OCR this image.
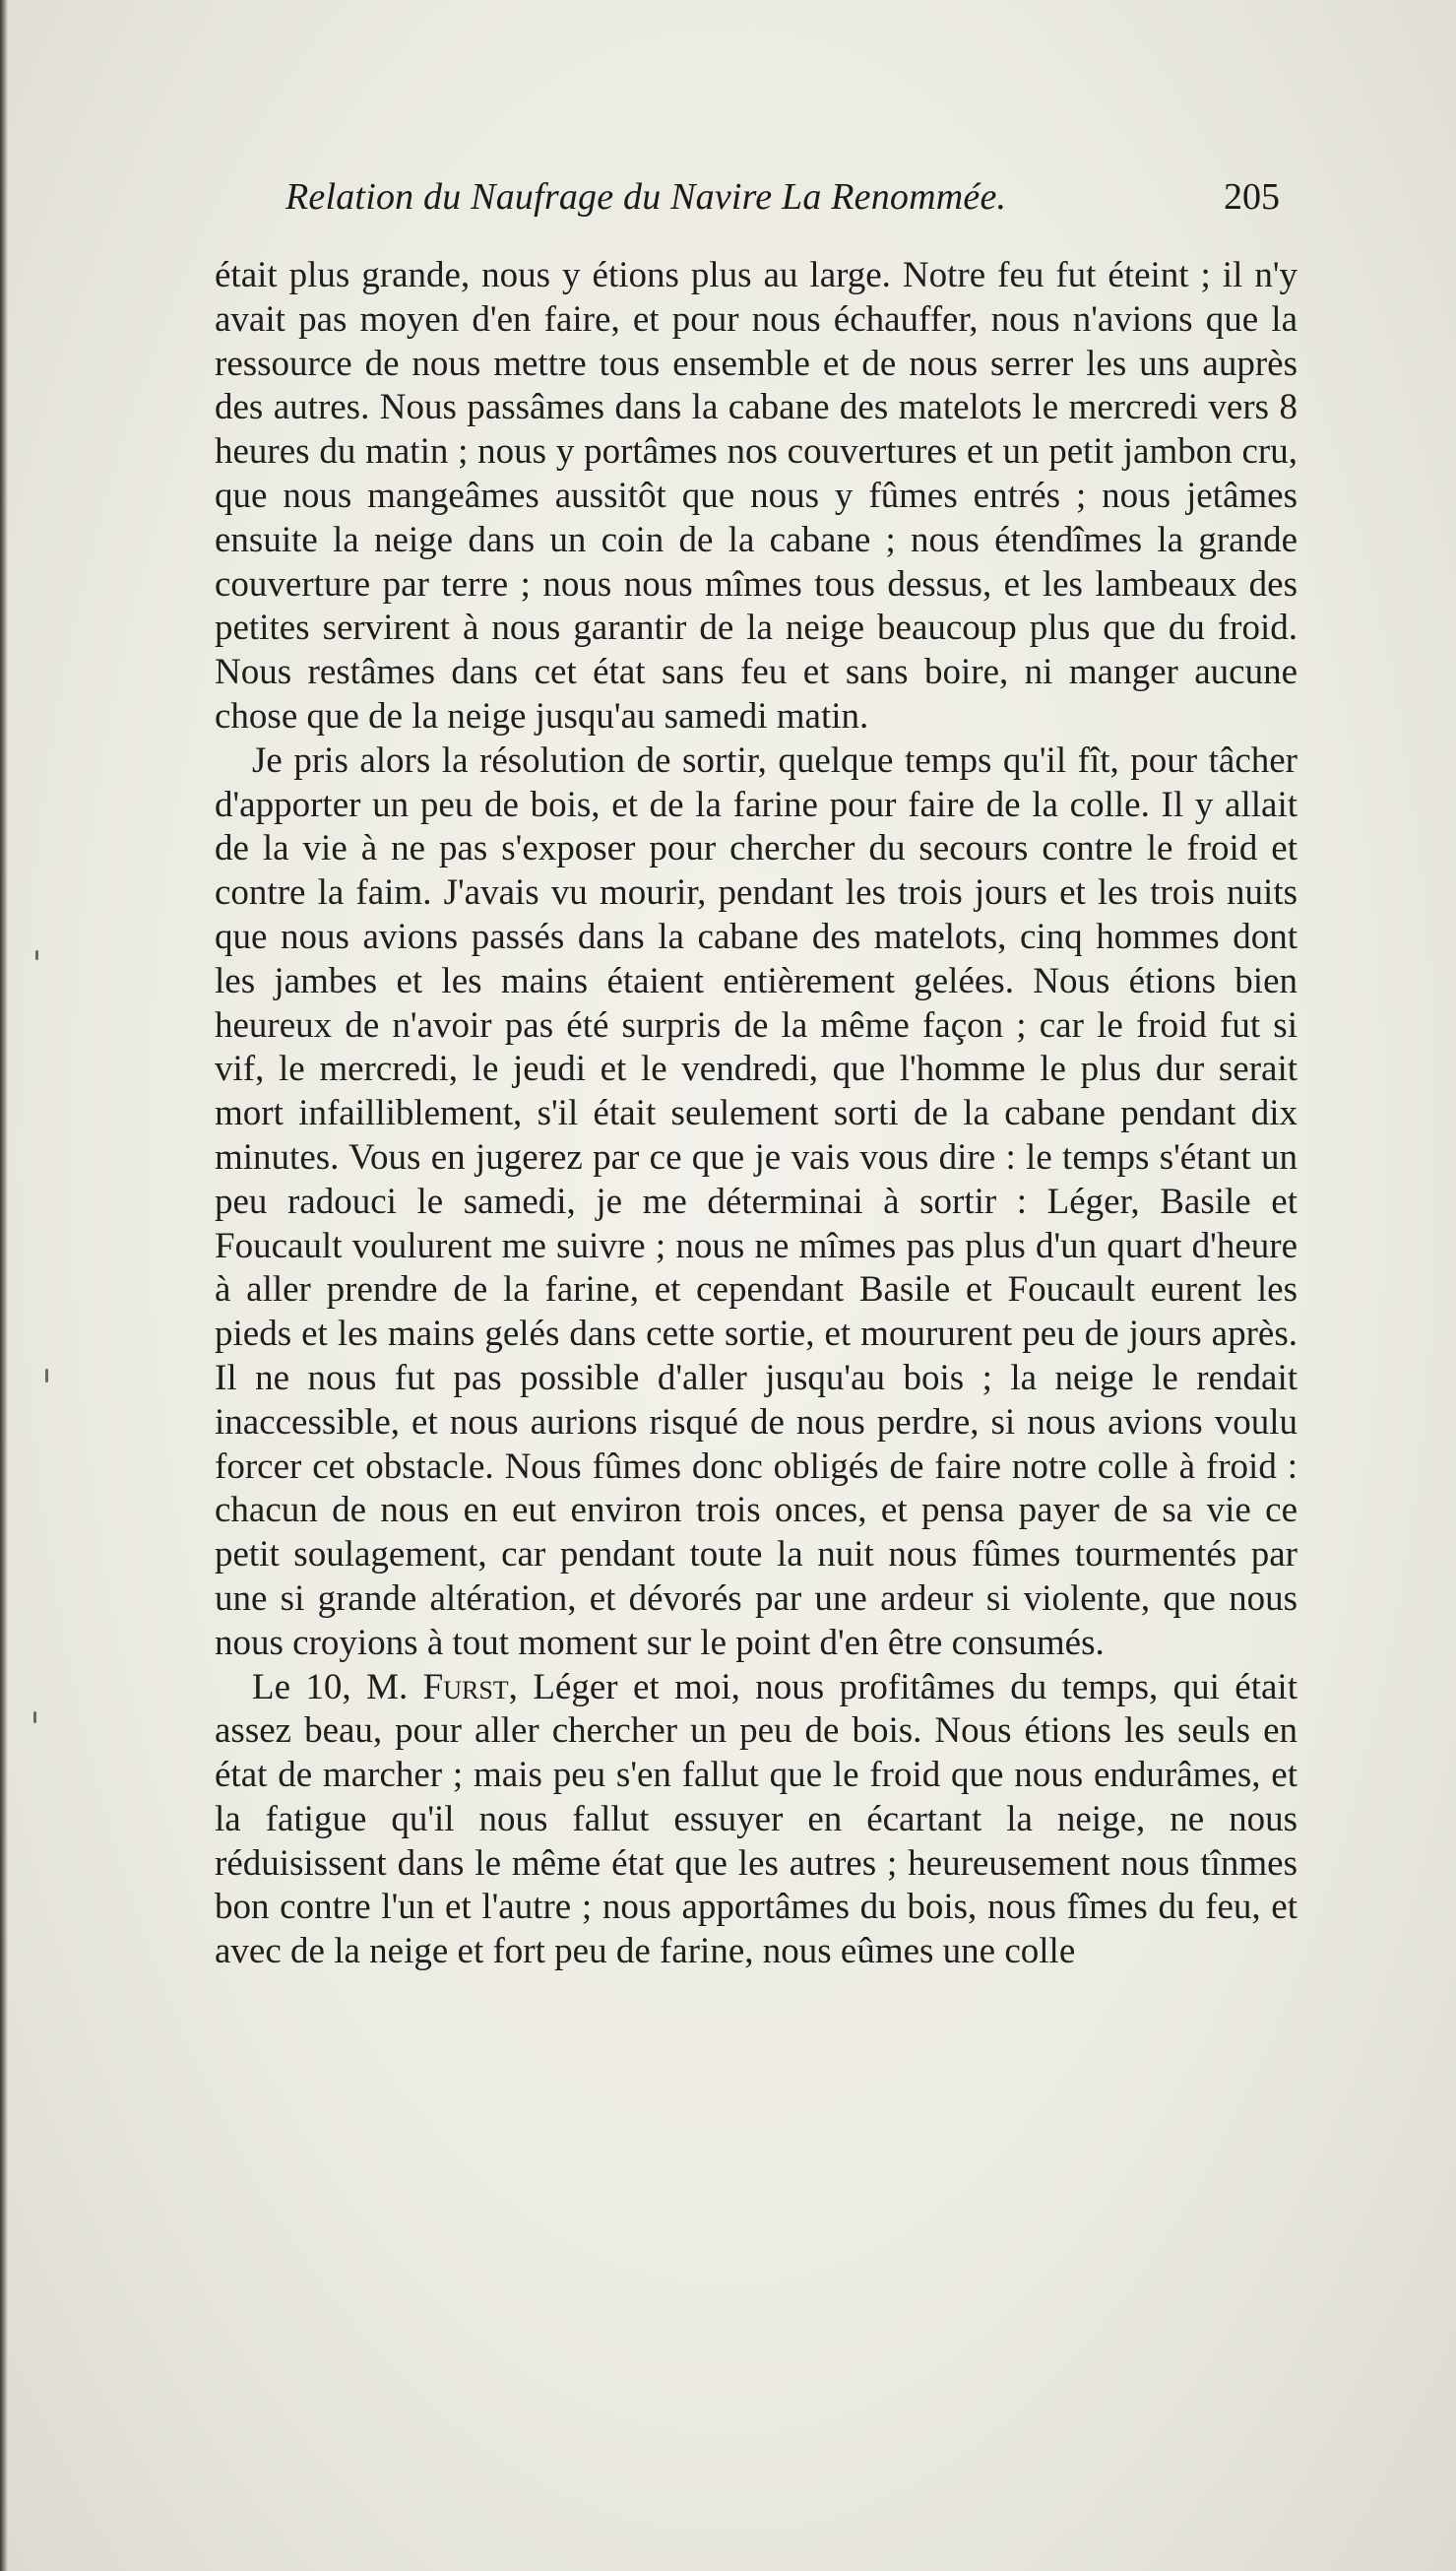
Relation du Naufrage du Navire La Renommée.	205

était plus grande, nous y étions plus au large. Notre feu fut éteint ; il n'y avait pas moyen d'en faire, et pour nous échauffer, nous n'avions que la ressource de nous mettre tous ensemble et de nous serrer les uns auprès des autres. Nous passâmes dans la cabane des matelots le mercredi vers 8 heures du matin ; nous y portâmes nos couvertures et un petit jambon cru, que nous mangeâmes aussitôt que nous y fûmes entrés ; nous jetâmes ensuite la neige dans un coin de la cabane ; nous étendîmes la grande couverture par terre ; nous nous mîmes tous dessus, et les lambeaux des petites servirent à nous garantir de la neige beaucoup plus que du froid. Nous restâmes dans cet état sans feu et sans boire, ni manger aucune chose que de la neige jusqu'au samedi matin.

Je pris alors la résolution de sortir, quelque temps qu'il fît, pour tâcher d'apporter un peu de bois, et de la farine pour faire de la colle. Il y allait de la vie à ne pas s'exposer pour chercher du secours contre le froid et contre la faim. J'avais vu mourir, pendant les trois jours et les trois nuits que nous avions passés dans la cabane des matelots, cinq hommes dont les jambes et les mains étaient entièrement gelées. Nous étions bien heureux de n'avoir pas été surpris de la même façon ; car le froid fut si vif, le mercredi, le jeudi et le vendredi, que l'homme le plus dur serait mort infailliblement, s'il était seulement sorti de la cabane pendant dix minutes. Vous en jugerez par ce que je vais vous dire : le temps s'étant un peu radouci le samedi, je me déterminai à sortir : Léger, Basile et Foucault voulurent me suivre ; nous ne mîmes pas plus d'un quart d'heure à aller prendre de la farine, et cependant Basile et Foucault eurent les pieds et les mains gelés dans cette sortie, et moururent peu de jours après. Il ne nous fut pas possible d'aller jusqu'au bois ; la neige le rendait inaccessible, et nous aurions risqué de nous perdre, si nous avions voulu forcer cet obstacle. Nous fûmes donc obligés de faire notre colle à froid : chacun de nous en eut environ trois onces, et pensa payer de sa vie ce petit soulagement, car pendant toute la nuit nous fûmes tourmentés par une si grande altération, et dévorés par une ardeur si violente, que nous nous croyions à tout moment sur le point d'en être consumés.

Le 10, M. Furst, Léger et moi, nous profitâmes du temps, qui était assez beau, pour aller chercher un peu de bois. Nous étions les seuls en état de marcher ; mais peu s'en fallut que le froid que nous endurâmes, et la fatigue qu'il nous fallut essuyer en écartant la neige, ne nous réduisissent dans le même état que les autres ; heureusement nous tînmes bon contre l'un et l'autre ; nous apportâmes du bois, nous fîmes du feu, et avec de la neige et fort peu de farine, nous eûmes une colle
